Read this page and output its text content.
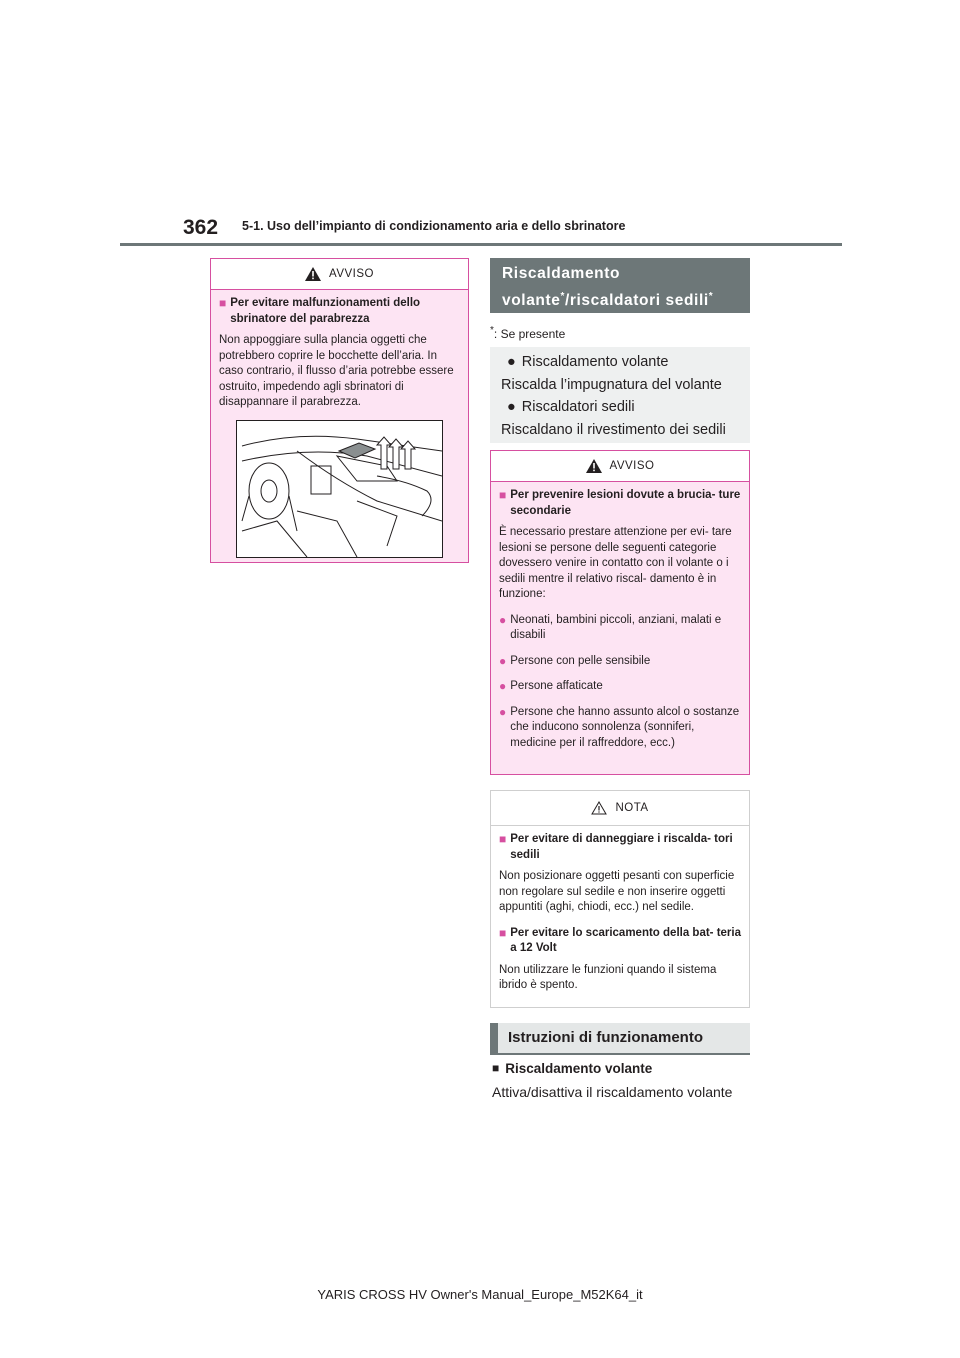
362 5-1. Uso dell’impianto di condizionamento aria e dello sbrinatore
AVVISO
■ Per evitare malfunzionamenti dello sbrinatore del parabrezza

Non appoggiare sulla plancia oggetti che potrebbero coprire le bocchette dell’aria. In caso contrario, il flusso d’aria potrebbe essere ostruito, impedendo agli sbrinatori di disappannare il parabrezza.

Riscaldamento
volante*/riscaldatori sedili*
*: Se presente
● Riscaldamento volante
Riscalda l’impugnatura del volante
● Riscaldatori sedili
Riscaldano il rivestimento dei sedili
AVVISO
■ Per prevenire lesioni dovute a brucia- ture secondarie

È necessario prestare attenzione per evi- tare lesioni se persone delle seguenti categorie dovessero venire in contatto con il volante o i sedili mentre il relativo riscal- damento è in funzione:

● Neonati, bambini piccoli, anziani, malati e disabili
● Persone con pelle sensibile
● Persone affaticate
● Persone che hanno assunto alcol o sostanze che inducono sonnolenza (sonniferi, medicine per il raffreddore, ecc.)
NOTA
■ Per evitare di danneggiare i riscalda- tori sedili

Non posizionare oggetti pesanti con superficie non regolare sul sedile e non inserire oggetti appuntiti (aghi, chiodi, ecc.) nel sedile.

■ Per evitare lo scaricamento della bat- teria a 12 Volt

Non utilizzare le funzioni quando il sistema ibrido è spento.

Istruzioni di funzionamento
■ Riscaldamento volante
Attiva/disattiva il riscaldamento volante
YARIS CROSS HV Owner's Manual_Europe_M52K64_it
